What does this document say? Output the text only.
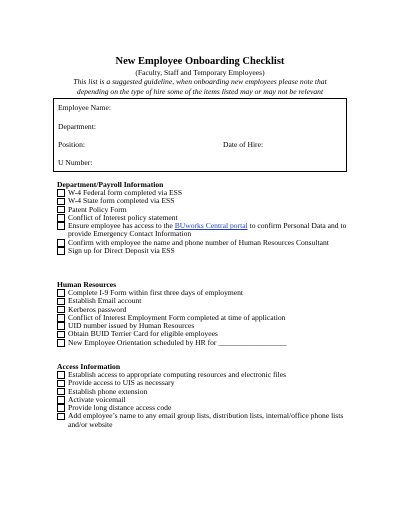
New Employee Onboarding Checklist
(Faculty, Staff and Temporary Employees)
This list is a suggested guideline, when onboarding new employees please note that depending on the type of hire some of the items listed may or may not be relevant
Employee Name:
Department:
Position:	Date of Hire:
U Number:
Department/Payroll Information
W-4 Federal form completed via ESS
W-4 State form completed via ESS
Patent Policy Form
Conflict of Interest policy statement
Ensure employee has access to the BUworks Central portal to confirm Personal Data and to provide Emergency Contact Information
Confirm with employee the name and phone number of Human Resources Consultant
Sign up for Direct Deposit via ESS
Human Resources
Complete I-9 Form within first three days of employment
Establish Email account
Kerberos password
Conflict of Interest Employment Form completed at time of application
UID number issued by Human Resources
Obtain BUID Terrier Card for eligible employees
New Employee Orientation scheduled by HR for __________________
Access Information
Establish access to appropriate computing resources and electronic files
Provide access to UIS as necessary
Establish phone extension
Activate voicemail
Provide long distance access code
Add employee’s name to any email group lists, distribution lists, internal/office phone lists and/or website
